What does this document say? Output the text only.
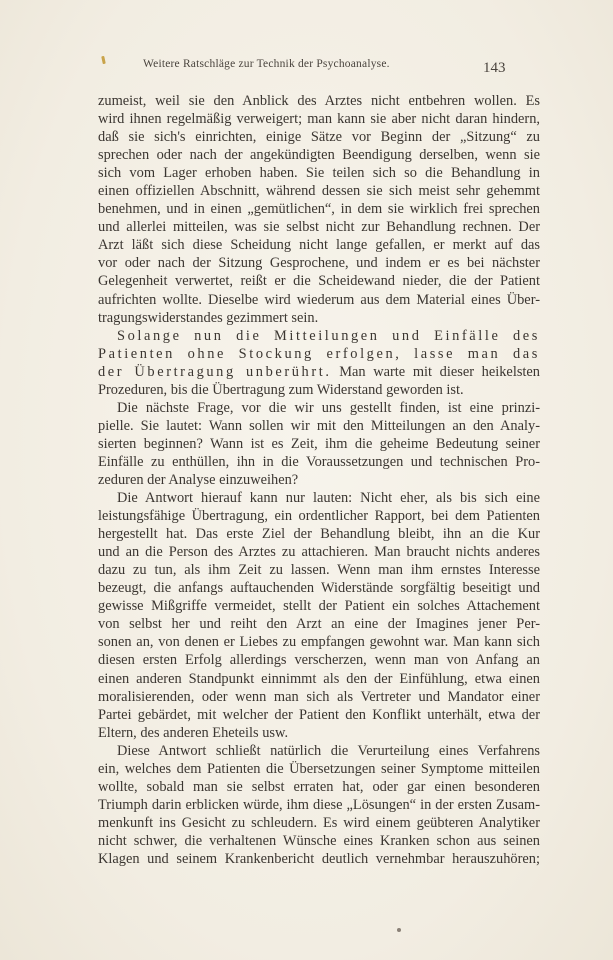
Weitere Ratschläge zur Technik der Psychoanalyse.	143
zumeist, weil sie den Anblick des Arztes nicht entbehren wollen. Es
wird ihnen regelmäßig verweigert; man kann sie aber nicht daran hindern,
daß sie sich's einrichten, einige Sätze vor Beginn der „Sitzung“ zu
sprechen oder nach der angekündigten Beendigung derselben, wenn sie
sich vom Lager erhoben haben. Sie teilen sich so die Behandlung in
einen offiziellen Abschnitt, während dessen sie sich meist sehr gehemmt
benehmen, und in einen „gemütlichen“, in dem sie wirklich frei sprechen
und allerlei mitteilen, was sie selbst nicht zur Behandlung rechnen. Der
Arzt läßt sich diese Scheidung nicht lange gefallen, er merkt auf das
vor oder nach der Sitzung Gesprochene, und indem er es bei nächster
Gelegenheit verwertet, reißt er die Scheidewand nieder, die der Patient
aufrichten wollte. Dieselbe wird wiederum aus dem Material eines Über-
tragungswiderstandes gezimmert sein.
Solange nun die Mitteilungen und Einfälle des
Patienten ohne Stockung erfolgen, lasse man das
der Übertragung unberührt. Man warte mit dieser heikelsten
Prozeduren, bis die Übertragung zum Widerstand geworden ist.
Die nächste Frage, vor die wir uns gestellt finden, ist eine prinzi-
pielle. Sie lautet: Wann sollen wir mit den Mitteilungen an den Analy-
sierten beginnen? Wann ist es Zeit, ihm die geheime Bedeutung seiner
Einfälle zu enthüllen, ihn in die Voraussetzungen und technischen Pro-
zeduren der Analyse einzuweihen?
Die Antwort hierauf kann nur lauten: Nicht eher, als bis sich eine
leistungsfähige Übertragung, ein ordentlicher Rapport, bei dem Patienten
hergestellt hat. Das erste Ziel der Behandlung bleibt, ihn an die Kur
und an die Person des Arztes zu attachieren. Man braucht nichts anderes
dazu zu tun, als ihm Zeit zu lassen. Wenn man ihm ernstes Interesse
bezeugt, die anfangs auftauchenden Widerstände sorgfältig beseitigt und
gewisse Mißgriffe vermeidet, stellt der Patient ein solches Attachement
von selbst her und reiht den Arzt an eine der Imagines jener Per-
sonen an, von denen er Liebes zu empfangen gewohnt war. Man kann sich
diesen ersten Erfolg allerdings verscherzen, wenn man von Anfang an
einen anderen Standpunkt einnimmt als den der Einfühlung, etwa einen
moralisierenden, oder wenn man sich als Vertreter und Mandator einer
Partei gebärdet, mit welcher der Patient den Konflikt unterhält, etwa der
Eltern, des anderen Eheteils usw.
Diese Antwort schließt natürlich die Verurteilung eines Verfahrens
ein, welches dem Patienten die Übersetzungen seiner Symptome mitteilen
wollte, sobald man sie selbst erraten hat, oder gar einen besonderen
Triumph darin erblicken würde, ihm diese „Lösungen“ in der ersten Zusam-
menkunft ins Gesicht zu schleudern. Es wird einem geübteren Analytiker
nicht schwer, die verhaltenen Wünsche eines Kranken schon aus seinen
Klagen und seinem Krankenbericht deutlich vernehmbar herauszuhören;
